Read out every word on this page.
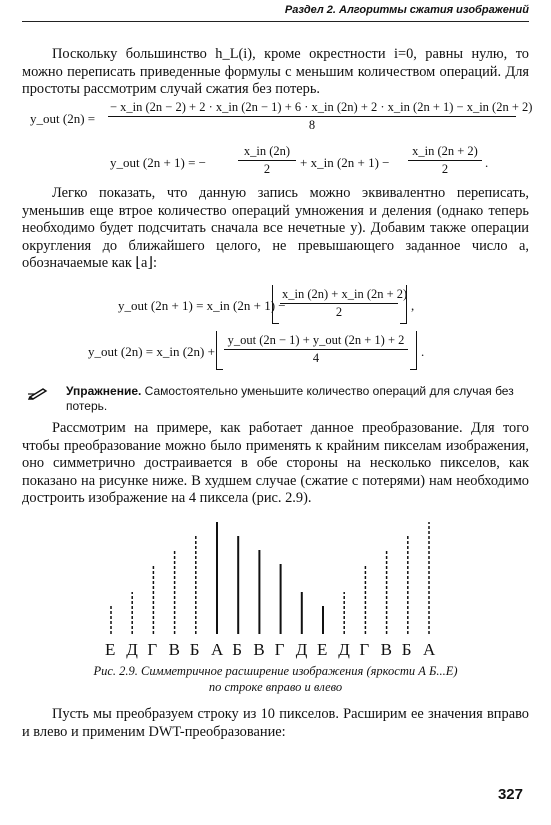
Раздел 2. Алгоритмы сжатия изображений
Поскольку большинство h_L(i), кроме окрестности i=0, равны нулю, то можно переписать приведенные формулы с меньшим количеством операций. Для простоты рассмотрим случай сжатия без потерь.
y_out (2n) =
− x_in (2n − 2) + 2 · x_in (2n − 1) + 6 · x_in (2n) + 2 · x_in (2n + 1) − x_in (2n + 2)
8
y_out (2n + 1) = −	$\frac{x\_in (2n)}{2}$ + x_in $(2n + 1) - \frac{x\_in (2n + 2)}{2}$ .
Легко показать, что данную запись можно эквивалентно переписать, уменьшив еще втрое количество операций умножения и деления (однако теперь необходимо будет подсчитать сначала все нечетные y). Добавим также операции округления до ближайшего целого, не превышающего заданное число a, обозначаемые как ⌊a⌋:
y_out (2n + 1) = x_in (2n + 1) −
$\frac{x\_in (2n) + x\_in (2n + 2)}{2}$ ,
y_out (2n) = x_in (2n) +
y_out (2n − 1) + y_out (2n + 1) + 2
4	.
Упражнение. Самостоятельно уменьшите количество операций для случая без потерь.
Рассмотрим на примере, как работает данное преобразование. Для того чтобы преобразование можно было применять к крайним пикселам изображения, оно симметрично достраивается в обе стороны на несколько пикселов, как показано на рисунке ниже. В худшем случае (сжатие с потерями) нам необходимо достроить изображение на 4 пиксела (рис. 2.9).
Е Д Г В Б А Б В Г Д Е Д Г В Б А
Рис. 2.9. Симметричное расширение изображения (яркости А Б...Е)
по строке вправо и влево
Пусть мы преобразуем строку из 10 пикселов. Расширим ее значения вправо и влево и применим DWT-преобразование:
327
